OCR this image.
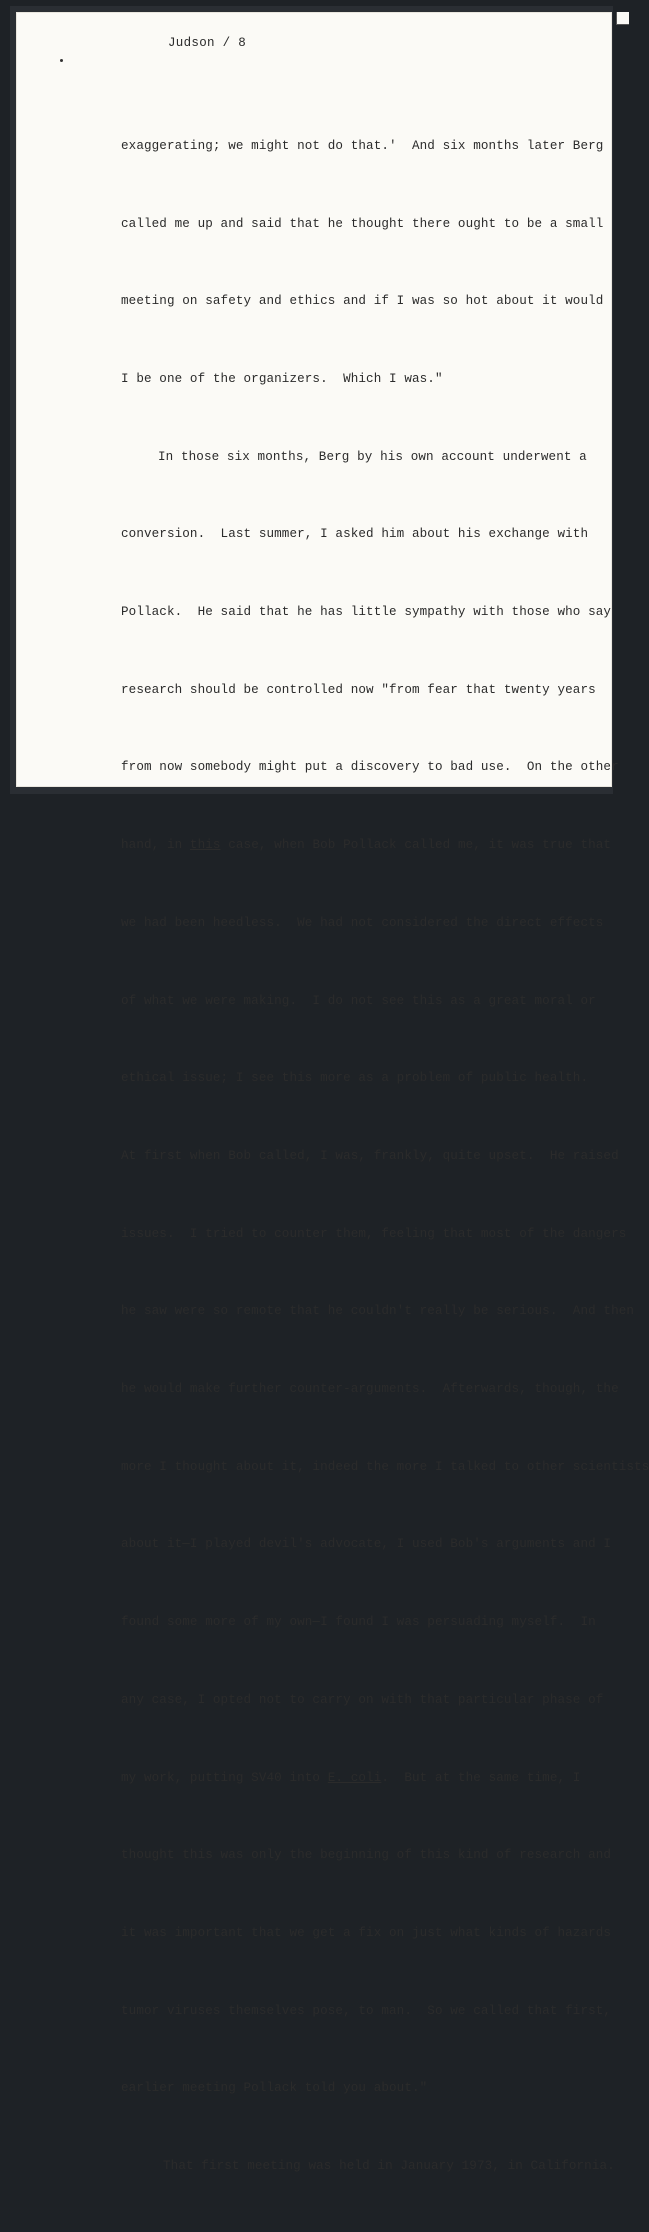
Judson / 8

exaggerating; we might not do that.'  And six months later Berg

called me up and said that he thought there ought to be a small

meeting on safety and ethics and if I was so hot about it would

I be one of the organizers.  Which I was."

In those six months, Berg by his own account underwent a

conversion.  Last summer, I asked him about his exchange with

Pollack.  He said that he has little sympathy with those who say

research should be controlled now "from fear that twenty years

from now somebody might put a discovery to bad use.  On the other

hand, in this case, when Bob Pollack called me, it was true that

we had been heedless.  We had not considered the direct effects

of what we were making.  I do not see this as a great moral or

ethical issue; I see this more as a problem of public health.

At first when Bob called, I was, frankly, quite upset.  He raised

issues.  I tried to counter them, feeling that most of the dangers

he saw were so remote that he couldn't really be serious.  And then

he would make further counter-arguments.  Afterwards, though, the

more I thought about it, indeed the more I talked to other scientists

about it—I played devil's advocate, I used Bob's arguments and I

found some more of my own—I found I was persuading myself.  In

any case, I opted not to carry on with that particular phase of

my work, putting SV40 into E. coli.  But at the same time, I

thought this was only the beginning of this kind of research and

it was important that we get a fix on just what kinds of hazards

tumor viruses themselves pose, to man.  So we called that first,

earlier meeting Pollack told you about."

That first meeting was held in January 1973, in California.
